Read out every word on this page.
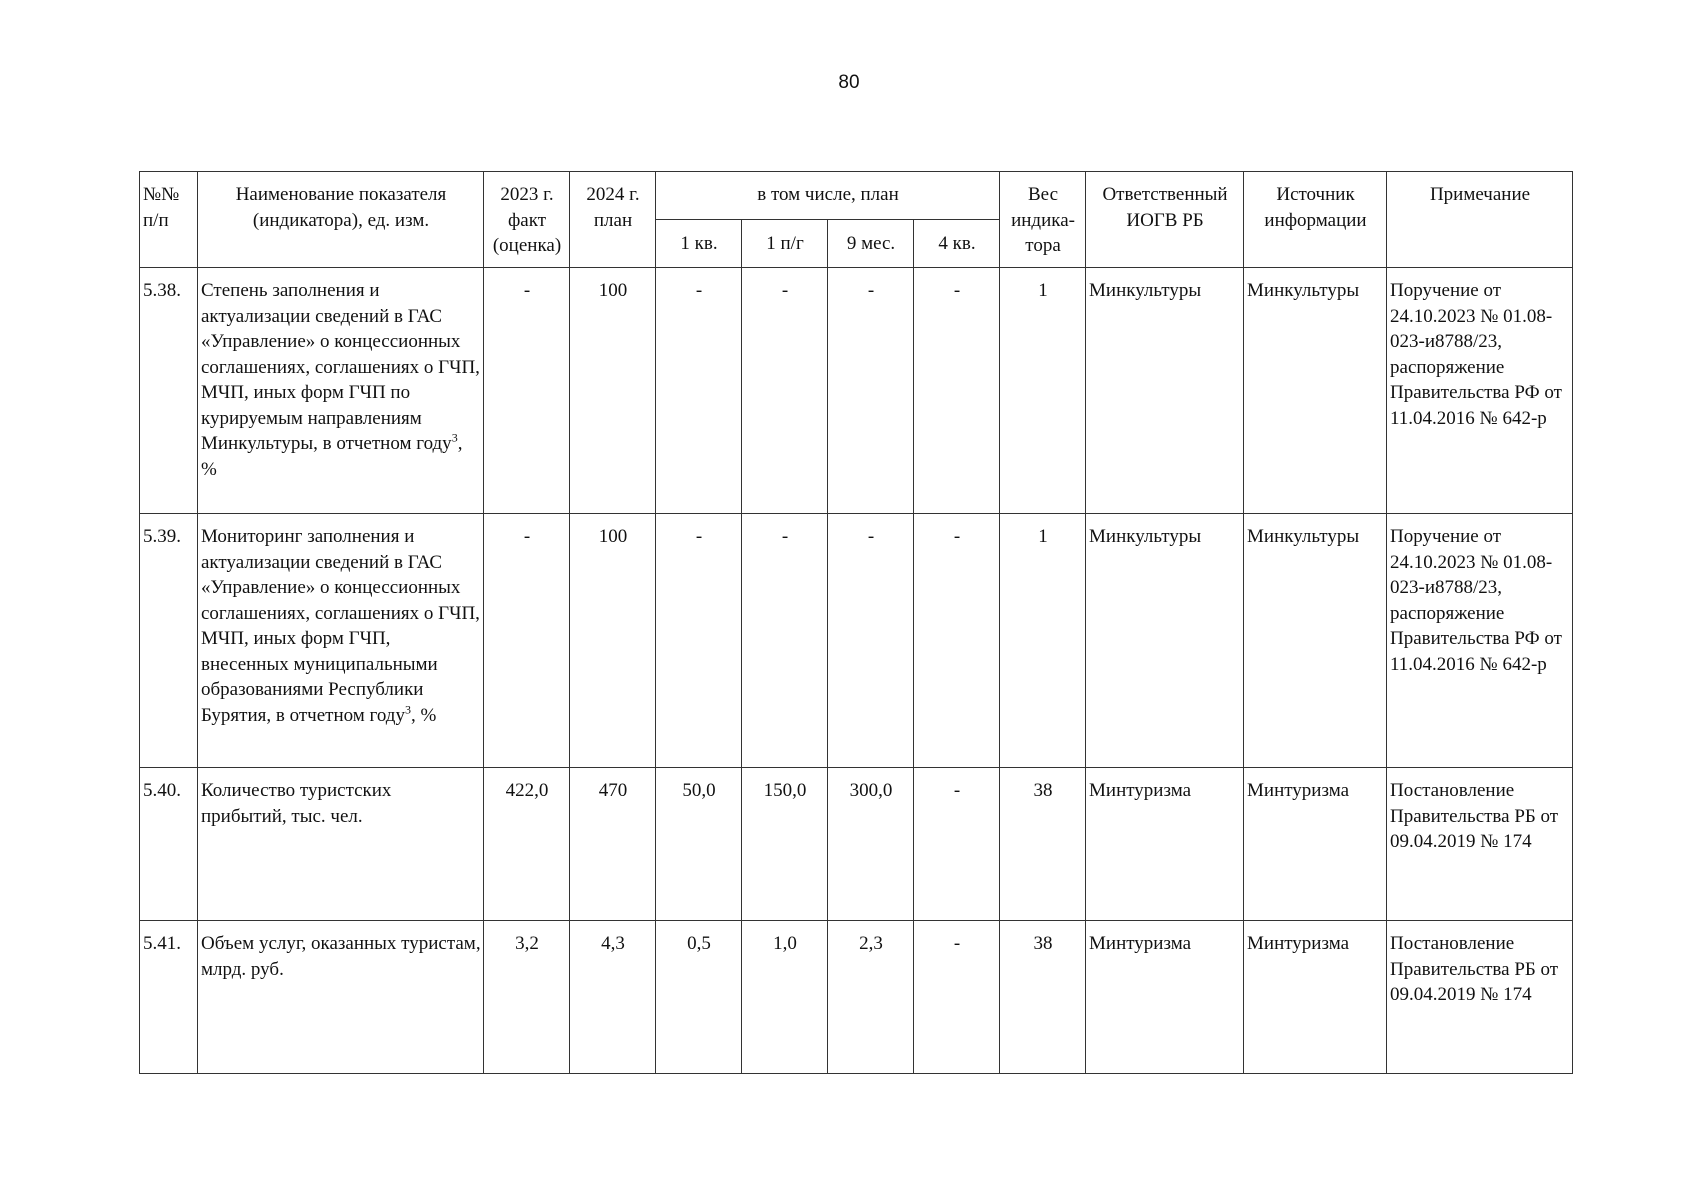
80
№№ п/п	Наименование показателя (индикатора), ед. изм.	2023 г. факт (оценка)	2024 г. план	в том числе, план				Вес индика-тора	Ответственный ИОГВ РБ	Источник информации	Примечание
				1 кв.	1 п/г	9 мес.	4 кв.				
5.38.	Степень заполнения и актуализации сведений в ГАС «Управление» о концессионных соглашениях, соглашениях о ГЧП, МЧП, иных форм ГЧП по курируемым направлениям Минкультуры, в отчетном году$^3$, %	-	100	-	-	-	-	1	Минкультуры	Минкультуры	Поручение от 24.10.2023 № 01.08-023-и8788/23, распоряжение Правительства РФ от 11.04.2016 № 642-р
5.39.	Мониторинг заполнения и актуализации сведений в ГАС «Управление» о концессионных соглашениях, соглашениях о ГЧП, МЧП, иных форм ГЧП, внесенных муниципальными образованиями Республики Бурятия, в отчетном году$^3$, %	-	100	-	-	-	-	1	Минкультуры	Минкультуры	Поручение от 24.10.2023 № 01.08-023-и8788/23, распоряжение Правительства РФ от 11.04.2016 № 642-р
5.40.	Количество туристских прибытий, тыс. чел.	422,0	470	50,0	150,0	300,0	-	38	Минтуризма	Минтуризма	Постановление Правительства РБ от 09.04.2019 № 174
5.41.	Объем услуг, оказанных туристам, млрд. руб.	3,2	4,3	0,5	1,0	2,3	-	38	Минтуризма	Минтуризма	Постановление Правительства РБ от 09.04.2019 № 174
